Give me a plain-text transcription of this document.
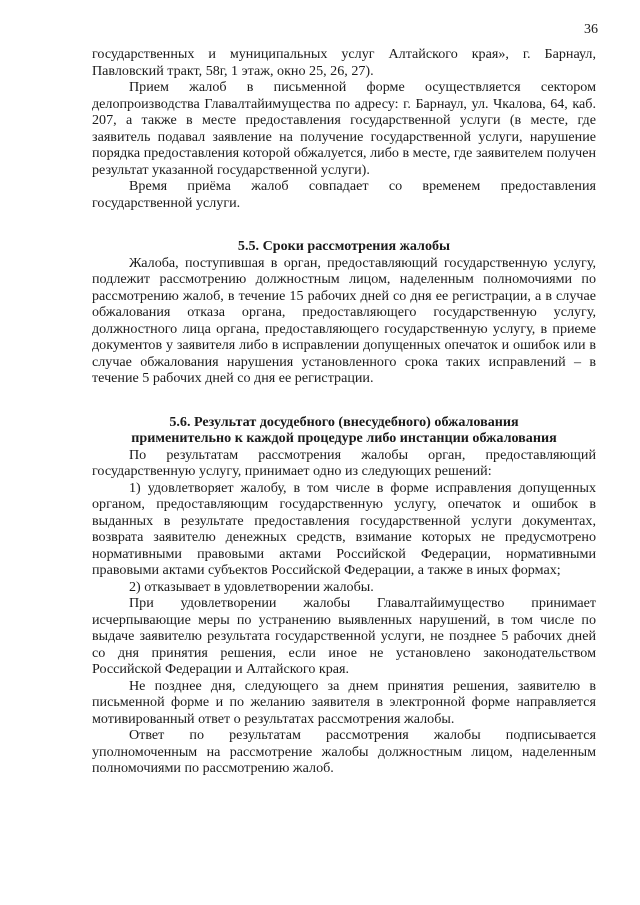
36

государственных и муниципальных услуг Алтайского края», г. Барнаул, Павловский тракт, 58г, 1 этаж, окно 25, 26, 27).

Прием жалоб в письменной форме осуществляется сектором делопроизводства Главалтайимущества по адресу: г. Барнаул, ул. Чкалова, 64, каб. 207, а также в месте предоставления государственной услуги (в месте, где заявитель подавал заявление на получение государственной услуги, нарушение порядка предоставления которой обжалуется, либо в месте, где заявителем получен результат указанной государственной услуги).

Время приёма жалоб совпадает со временем предоставления государственной услуги.

5.5. Сроки рассмотрения жалобы

Жалоба, поступившая в орган, предоставляющий государственную услугу, подлежит рассмотрению должностным лицом, наделенным полномочиями по рассмотрению жалоб, в течение 15 рабочих дней со дня ее регистрации, а в случае обжалования отказа органа, предоставляющего государственную услугу, должностного лица органа, предоставляющего государственную услугу, в приеме документов у заявителя либо в исправлении допущенных опечаток и ошибок или в случае обжалования нарушения установленного срока таких исправлений – в течение 5 рабочих дней со дня ее регистрации.

5.6. Результат досудебного (внесудебного) обжалования
применительно к каждой процедуре либо инстанции обжалования

По результатам рассмотрения жалобы орган, предоставляющий государственную услугу, принимает одно из следующих решений:

1) удовлетворяет жалобу, в том числе в форме исправления допущенных органом, предоставляющим государственную услугу, опечаток и ошибок в выданных в результате предоставления государственной услуги документах, возврата заявителю денежных средств, взимание которых не предусмотрено нормативными правовыми актами Российской Федерации, нормативными правовыми актами субъектов Российской Федерации, а также в иных формах;

2) отказывает в удовлетворении жалобы.

При удовлетворении жалобы Главалтайимущество принимает исчерпывающие меры по устранению выявленных нарушений, в том числе по выдаче заявителю результата государственной услуги, не позднее 5 рабочих дней со дня принятия решения, если иное не установлено законодательством Российской Федерации и Алтайского края.

Не позднее дня, следующего за днем принятия решения, заявителю в письменной форме и по желанию заявителя в электронной форме направляется мотивированный ответ о результатах рассмотрения жалобы.

Ответ по результатам рассмотрения жалобы подписывается уполномоченным на рассмотрение жалобы должностным лицом, наделенным полномочиями по рассмотрению жалоб.
